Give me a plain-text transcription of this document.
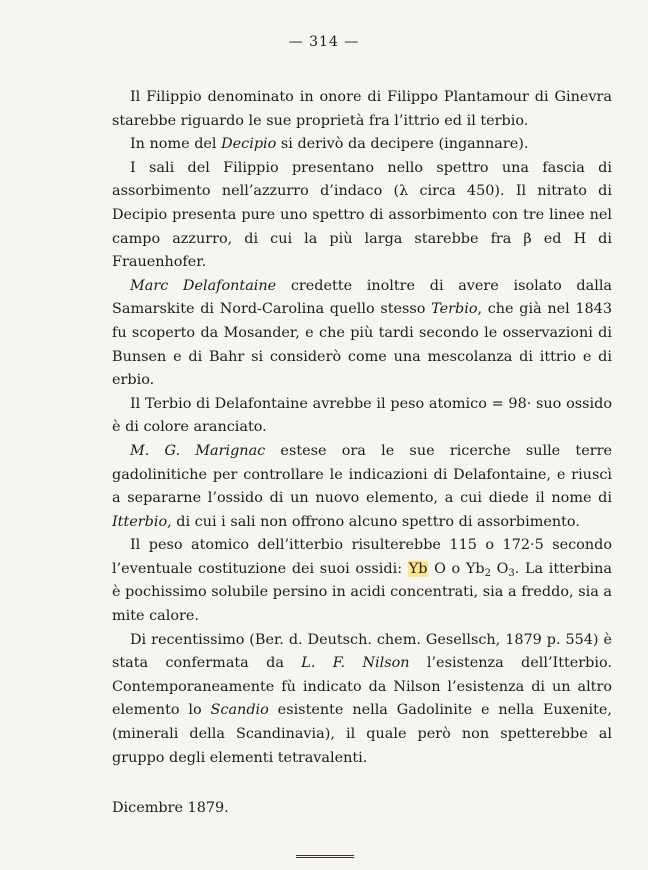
— 314 —

Il Filippio denominato in onore di Filippo Plantamour di Ginevra starebbe riguardo le sue proprietà fra l’ittrio ed il terbio.

In nome del Decipio si derivò da decipere (ingannare).

I sali del Filippio presentano nello spettro una fascia di assorbimento nell’azzurro d’indaco (λ circa 450). Il nitrato di Decipio presenta pure uno spettro di assorbimento con tre linee nel campo azzurro, di cui la più larga starebbe fra β ed H di Frauenhofer.

Marc Delafontaine credette inoltre di avere isolato dalla Samarskite di Nord-Carolina quello stesso Terbio, che già nel 1843 fu scoperto da Mosander, e che più tardi secondo le osservazioni di Bunsen e di Bahr si considerò come una mescolanza di ittrio e di erbio.

Il Terbio di Delafontaine avrebbe il peso atomico = 98· suo ossido è di colore aranciato.

M. G. Marignac estese ora le sue ricerche sulle terre gadolinitiche per controllare le indicazioni di Delafontaine, e riuscì a separarne l’ossido di un nuovo elemento, a cui diede il nome di Itterbio, di cui i sali non offrono alcuno spettro di assorbimento.

Il peso atomico dell’itterbio risulterebbe 115 o 172·5 secondo l’eventuale costituzione dei suoi ossidi: Yb O o $Yb_2$ $O_3$. La itterbina è pochissimo solubile persino in acidi concentrati, sia a freddo, sia a mite calore.

Di recentissimo (Ber. d. Deutsch. chem. Gesellsch, 1879 p. 554) è stata confermata da L. F. Nilson l’esistenza dell’Itterbio. Contemporaneamente fù indicato da Nilson l’esistenza di un altro elemento lo Scandio esistente nella Gadolinite e nella Euxenite, (minerali della Scandinavia), il quale però non spetterebbe al gruppo degli elementi tetravalenti.

Dicembre 1879.
